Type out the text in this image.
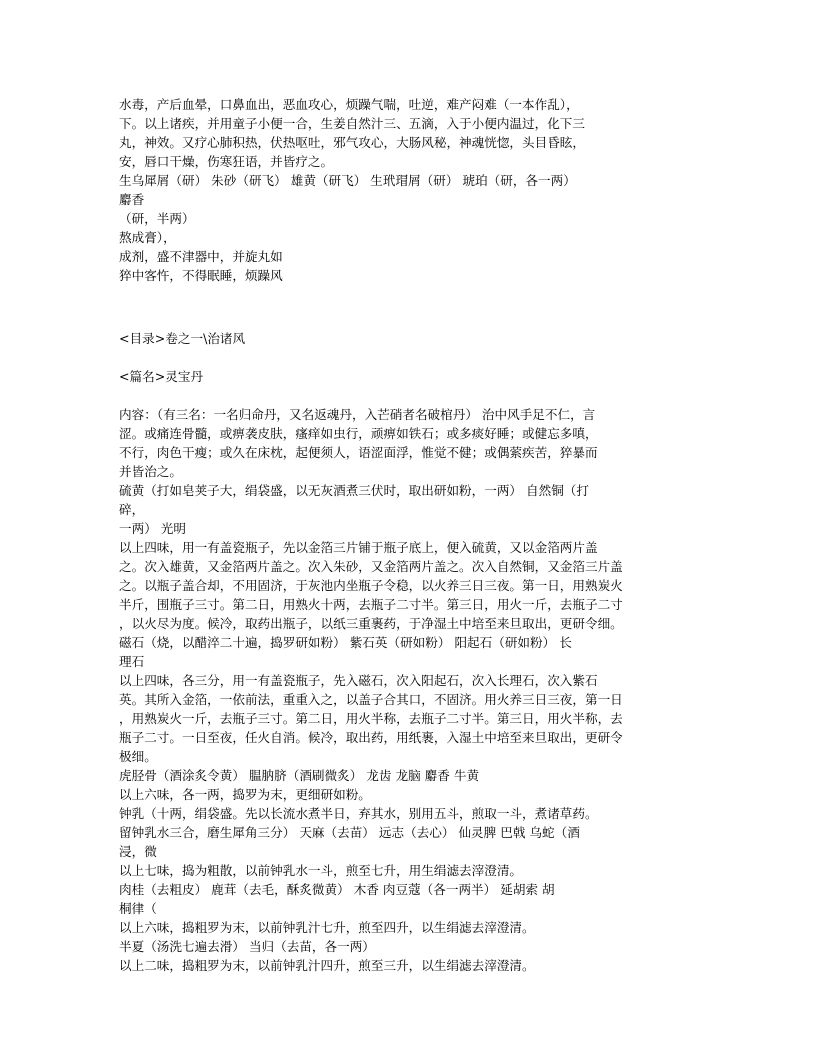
水毒，产后血晕，口鼻血出，恶血攻心，烦躁气喘，吐逆，难产闷难（一本作乱），
下。以上诸疾，并用童子小便一合，生姜自然汁三、五滴，入于小便内温过，化下三
丸，神效。又疗心肺积热，伏热呕吐，邪气攻心，大肠风秘，神魂恍惚，头目昏眩，
安，唇口干燥，伤寒狂语，并皆疗之。
生乌犀屑（研） 朱砂（研飞） 雄黄（研飞） 生玳瑁屑（研） 琥珀（研，各一两）
麝香
（研，半两）
熬成膏），
成剂，盛不津器中，并旋丸如
猝中客忤，不得眠睡，烦躁风
<目录>卷之一\治诸风
<篇名>灵宝丹
内容：（有三名：一名归命丹，又名返魂丹，入芒硝者名破棺丹） 治中风手足不仁，言
涩。或痛连骨髓，或痹袭皮肤，瘙痒如虫行，顽痹如铁石；或多痰好睡；或健忘多嗔，
不行，肉色干瘦；或久在床枕，起便须人，语涩面浮，惟觉不健；或偶萦疾苦，猝暴而
并皆治之。
硫黄（打如皂荚子大，绢袋盛，以无灰酒煮三伏时，取出研如粉，一两） 自然铜（打
碎，
一两） 光明
以上四味，用一有盖瓷瓶子，先以金箔三片铺于瓶子底上，便入硫黄，又以金箔两片盖
之。次入雄黄，又金箔两片盖之。次入朱砂，又金箔两片盖之。次入自然铜，又金箔三片盖
之。以瓶子盖合却，不用固济，于灰池内坐瓶子令稳，以火养三日三夜。第一日，用熟炭火
半斤，围瓶子三寸。第二日，用熟火十两，去瓶子二寸半。第三日，用火一斤，去瓶子二寸
，以火尽为度。候冷，取药出瓶子，以纸三重裹药，于净湿土中培至来旦取出，更研令细。
磁石（烧，以醋淬二十遍，捣罗研如粉） 紫石英（研如粉） 阳起石（研如粉） 长
理石
以上四味，各三分，用一有盖瓷瓶子，先入磁石，次入阳起石，次入长理石，次入紫石
英。其所入金箔，一依前法，重重入之，以盖子合其口，不固济。用火养三日三夜，第一日
，用熟炭火一斤，去瓶子三寸。第二日，用火半称，去瓶子二寸半。第三日，用火半称，去
瓶子二寸。一日至夜，任火自消。候冷，取出药，用纸裹，入湿土中培至来旦取出，更研令
极细。
虎胫骨（酒涂炙令黄） 腽肭脐（酒刷微炙） 龙齿 龙脑 麝香 牛黄
以上六味，各一两，捣罗为末，更细研如粉。
钟乳（十两，绢袋盛。先以长流水煮半日，弃其水，别用五斗，煎取一斗，煮诸草药。
留钟乳水三合，磨生犀角三分） 天麻（去苗） 远志（去心） 仙灵脾 巴戟 乌蛇（酒
浸，微
以上七味，捣为粗散，以前钟乳水一斗，煎至七升，用生绢滤去滓澄清。
肉桂（去粗皮） 鹿茸（去毛，酥炙微黄） 木香 肉豆蔻（各一两半） 延胡索 胡
桐律（
以上六味，捣粗罗为末，以前钟乳汁七升，煎至四升，以生绢滤去滓澄清。
半夏（汤洗七遍去滑） 当归（去苗，各一两）
以上二味，捣粗罗为末，以前钟乳汁四升，煎至三升，以生绢滤去滓澄清。
